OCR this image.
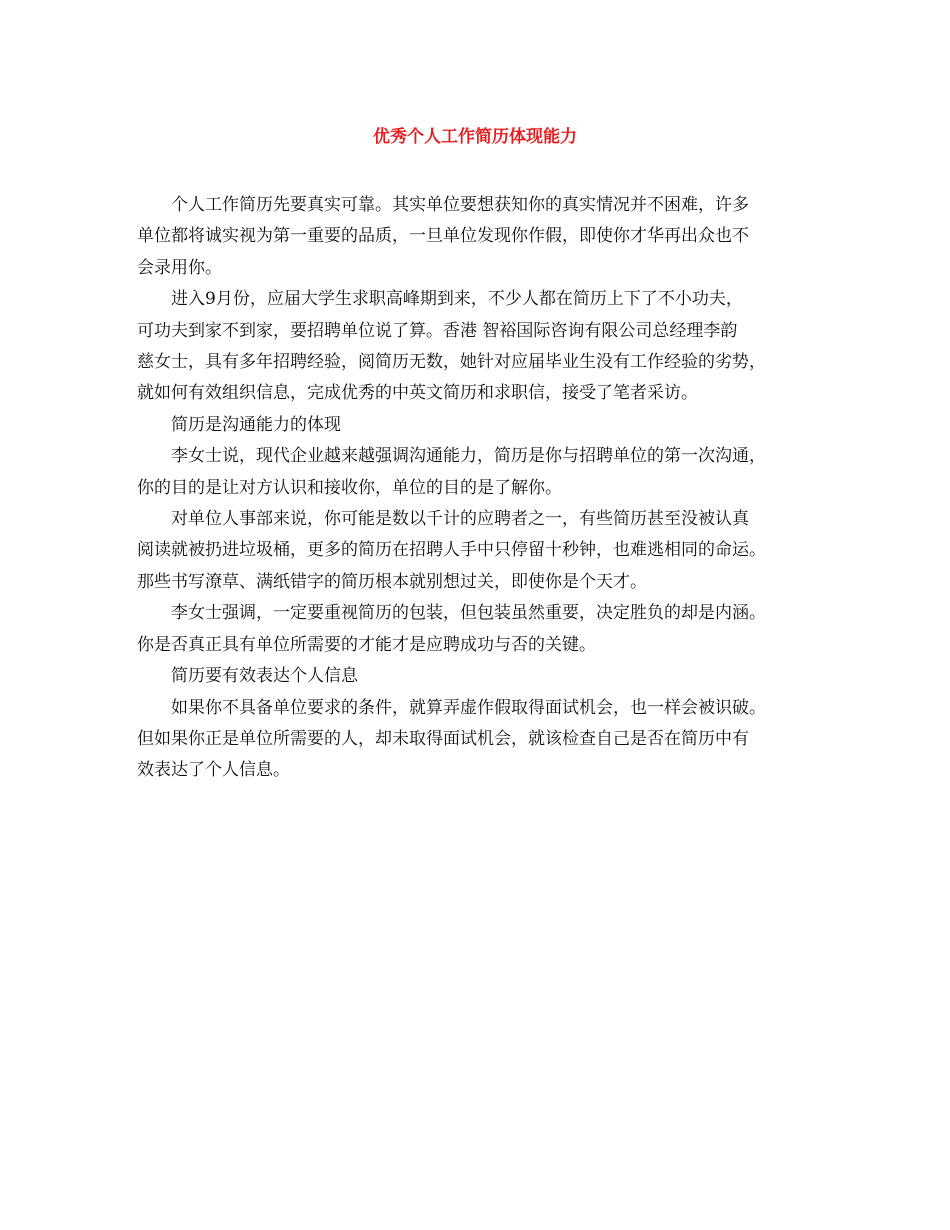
优秀个人工作简历体现能力

个人工作简历先要真实可靠。其实单位要想获知你的真实情况并不困难，许多
单位都将诚实视为第一重要的品质，一旦单位发现你作假，即使你才华再出众也不
会录用你。

进入9月份，应届大学生求职高峰期到来，不少人都在简历上下了不小功夫，
可功夫到家不到家，要招聘单位说了算。香港 智裕国际咨询有限公司总经理李韵
慈女士，具有多年招聘经验，阅简历无数，她针对应届毕业生没有工作经验的劣势，
就如何有效组织信息，完成优秀的中英文简历和求职信，接受了笔者采访。

简历是沟通能力的体现

李女士说，现代企业越来越强调沟通能力，简历是你与招聘单位的第一次沟通，
你的目的是让对方认识和接收你，单位的目的是了解你。

对单位人事部来说，你可能是数以千计的应聘者之一，有些简历甚至没被认真
阅读就被扔进垃圾桶，更多的简历在招聘人手中只停留十秒钟，也难逃相同的命运。
那些书写潦草、满纸错字的简历根本就别想过关，即使你是个天才。

李女士强调，一定要重视简历的包装，但包装虽然重要，决定胜负的却是内涵。
你是否真正具有单位所需要的才能才是应聘成功与否的关键。

简历要有效表达个人信息

如果你不具备单位要求的条件，就算弄虚作假取得面试机会，也一样会被识破。
但如果你正是单位所需要的人，却未取得面试机会，就该检查自己是否在简历中有
效表达了个人信息。
